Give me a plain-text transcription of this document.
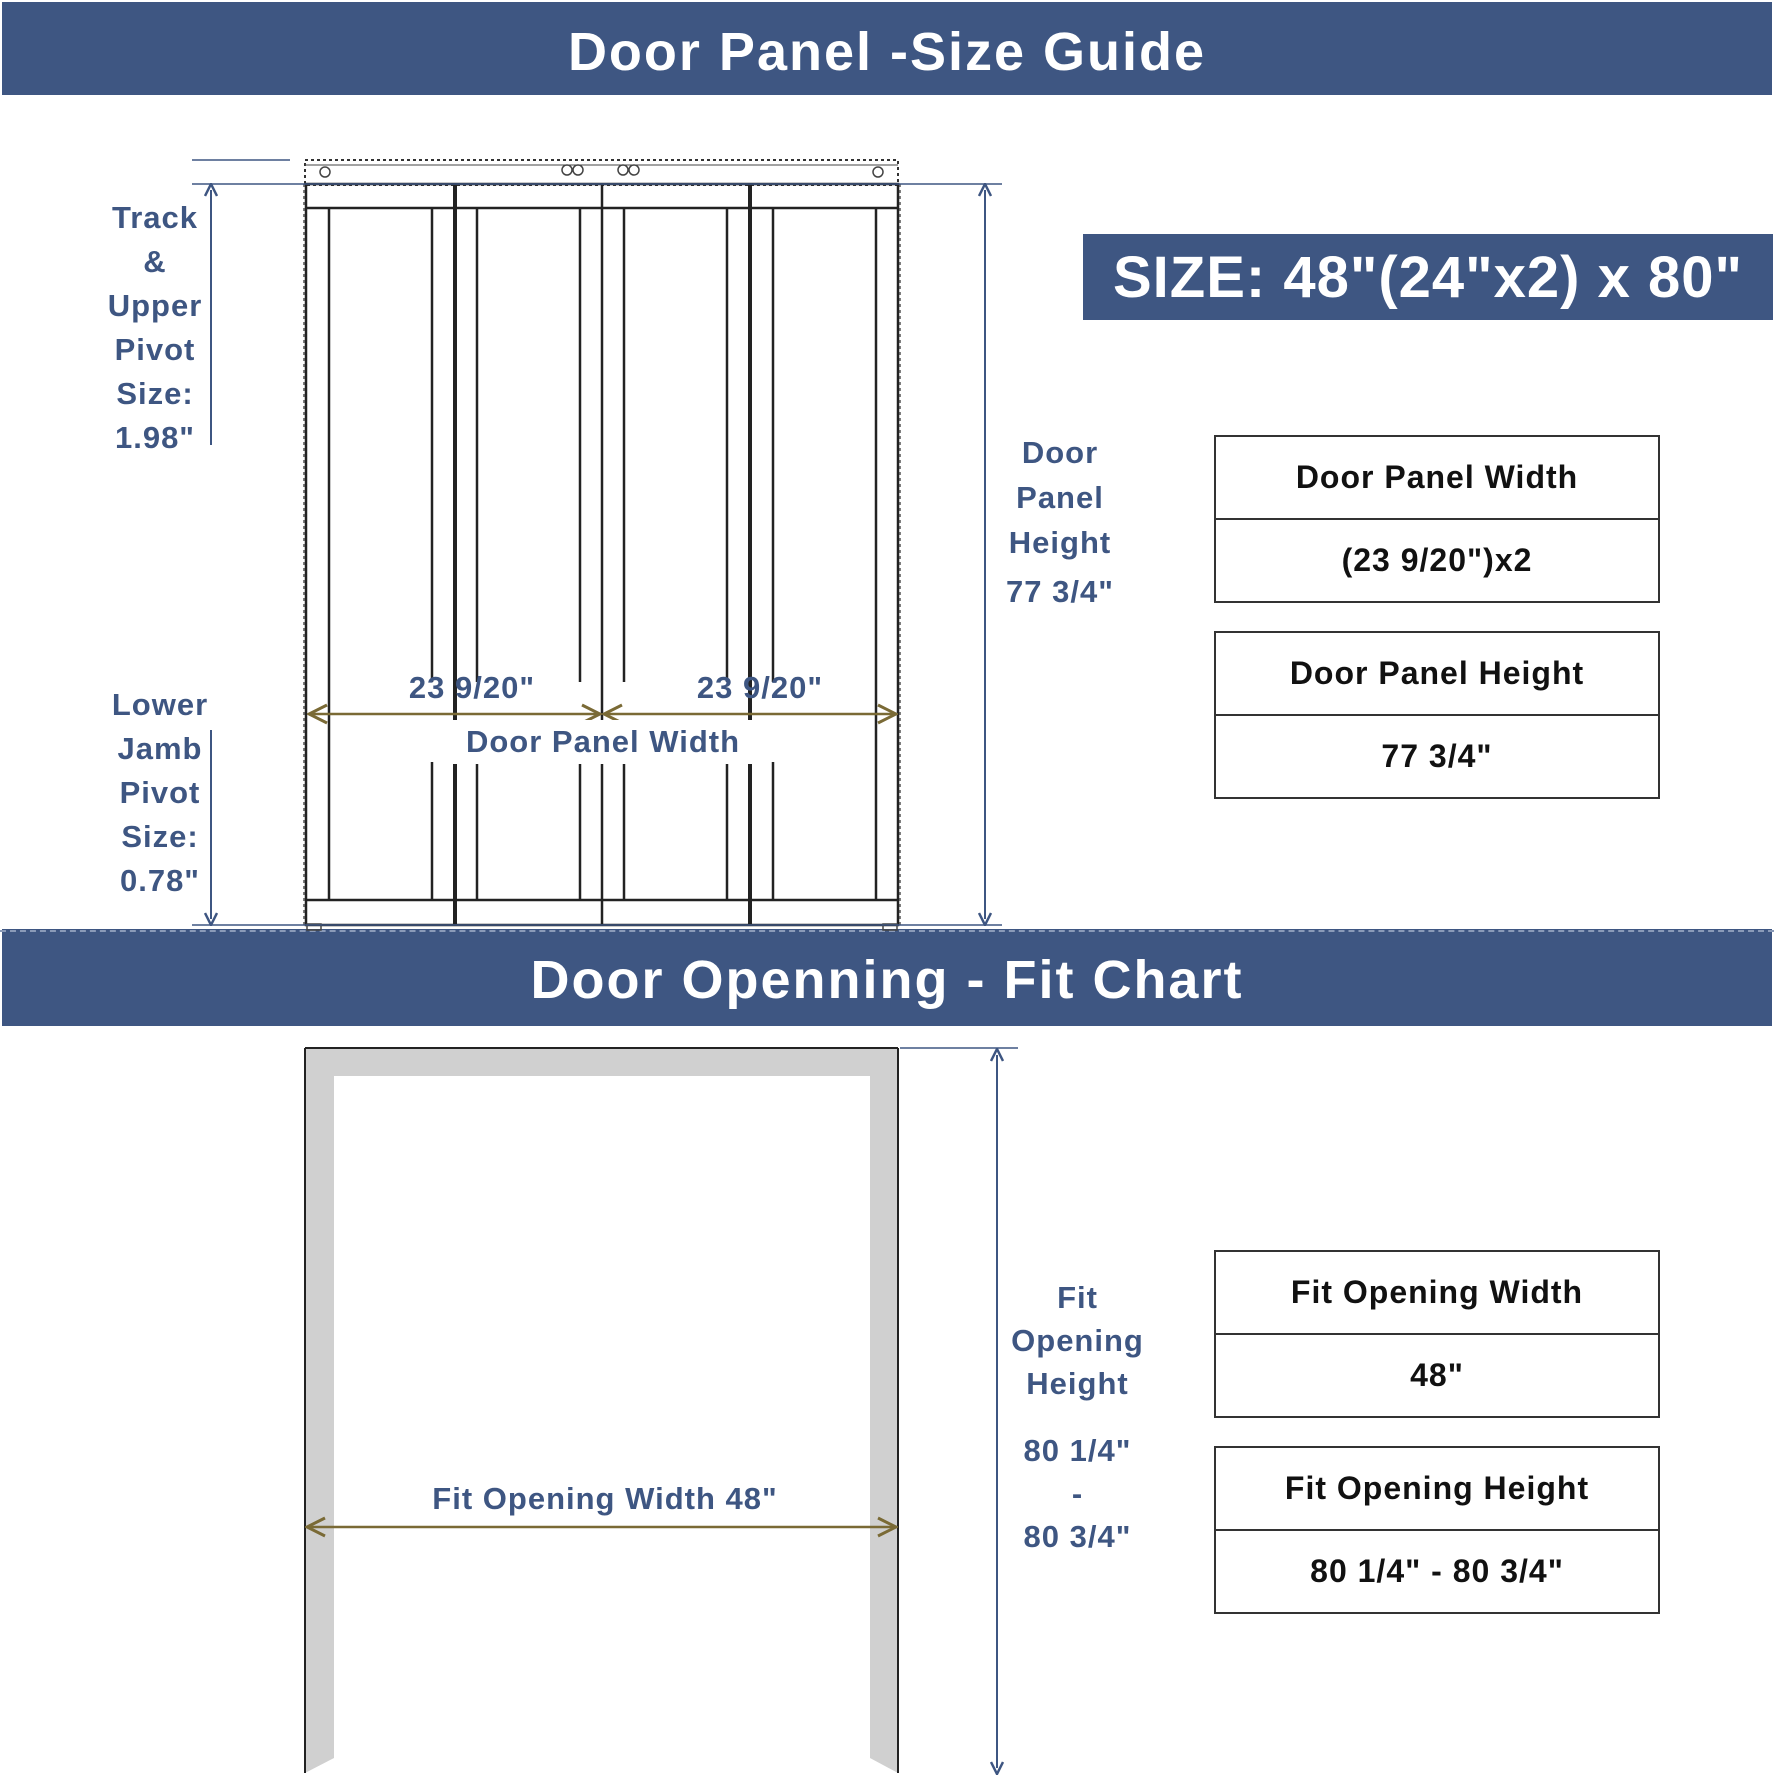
Door Panel -Size Guide
Door Openning - Fit Chart
SIZE: 48"(24"x2) x 80"
Track
&
Upper
Pivot
Size:
1.98"
Lower
Jamb
Pivot
Size:
0.78"
Door
Panel
Height
77 3/4"
23 9/20"	23 9/20"
Door Panel Width
Door Panel Width
(23 9/20")x2
Door Panel Height
77 3/4"
Fit
Opening
Height
80 1/4"
-
80 3/4"
Fit Opening Width 48"
Fit Opening Width
48"
Fit Opening Height
80 1/4" - 80 3/4"
